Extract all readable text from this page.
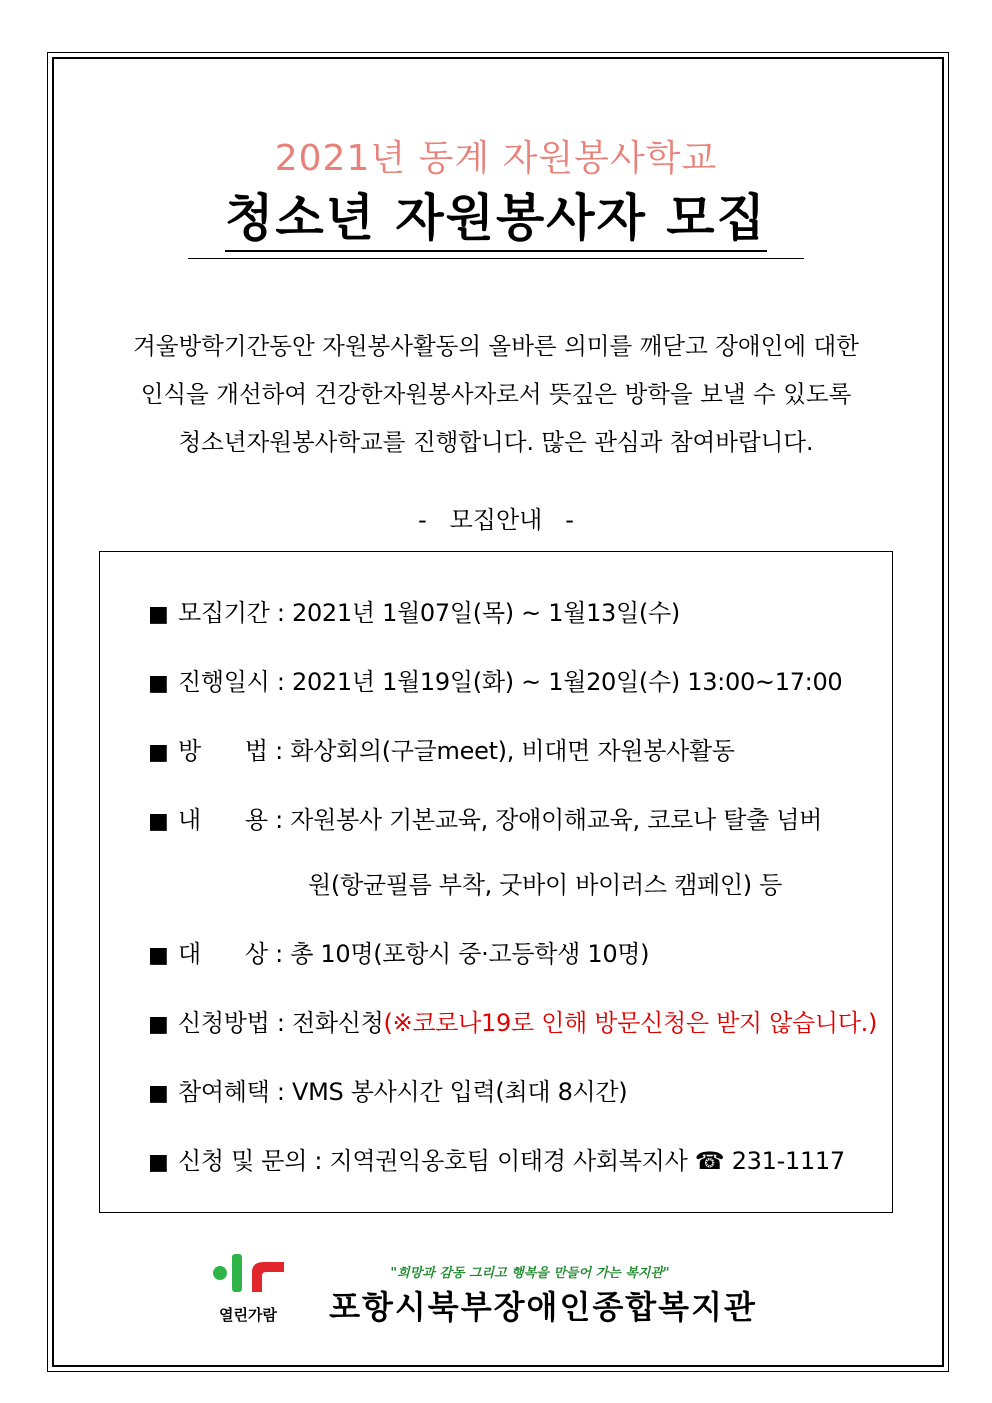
2021년 동계 자원봉사학교
청소년 자원봉사자 모집
겨울방학기간동안 자원봉사활동의 올바른 의미를 깨닫고 장애인에 대한
인식을 개선하여 건강한자원봉사자로서 뜻깊은 방학을 보낼 수 있도록
청소년자원봉사학교를 진행합니다. 많은 관심과 참여바랍니다.
-   모집안내   -
■ 모집기간 : 2021년 1월07일(목) ~ 1월13일(수)
■ 진행일시 : 2021년 1월19일(화) ~ 1월20일(수) 13:00~17:00
■ 방      법 : 화상회의(구글meet), 비대면 자원봉사활동
■ 내      용 : 자원봉사 기본교육, 장애이해교육, 코로나 탈출 넘버
원(항균필름 부착, 굿바이 바이러스 캠페인) 등
■ 대      상 : 총 10명(포항시 중·고등학생 10명)
■ 신청방법 : 전화신청(※코로나19로 인해 방문신청은 받지 않습니다.)
■ 참여혜택 : VMS 봉사시간 입력(최대 8시간)
■ 신청 및 문의 : 지역권익옹호팀 이태경 사회복지사 ☎ 231-1117
열린가람
"희망과 감동 그리고 행복을 만들어 가는 복지관"
포항시북부장애인종합복지관
